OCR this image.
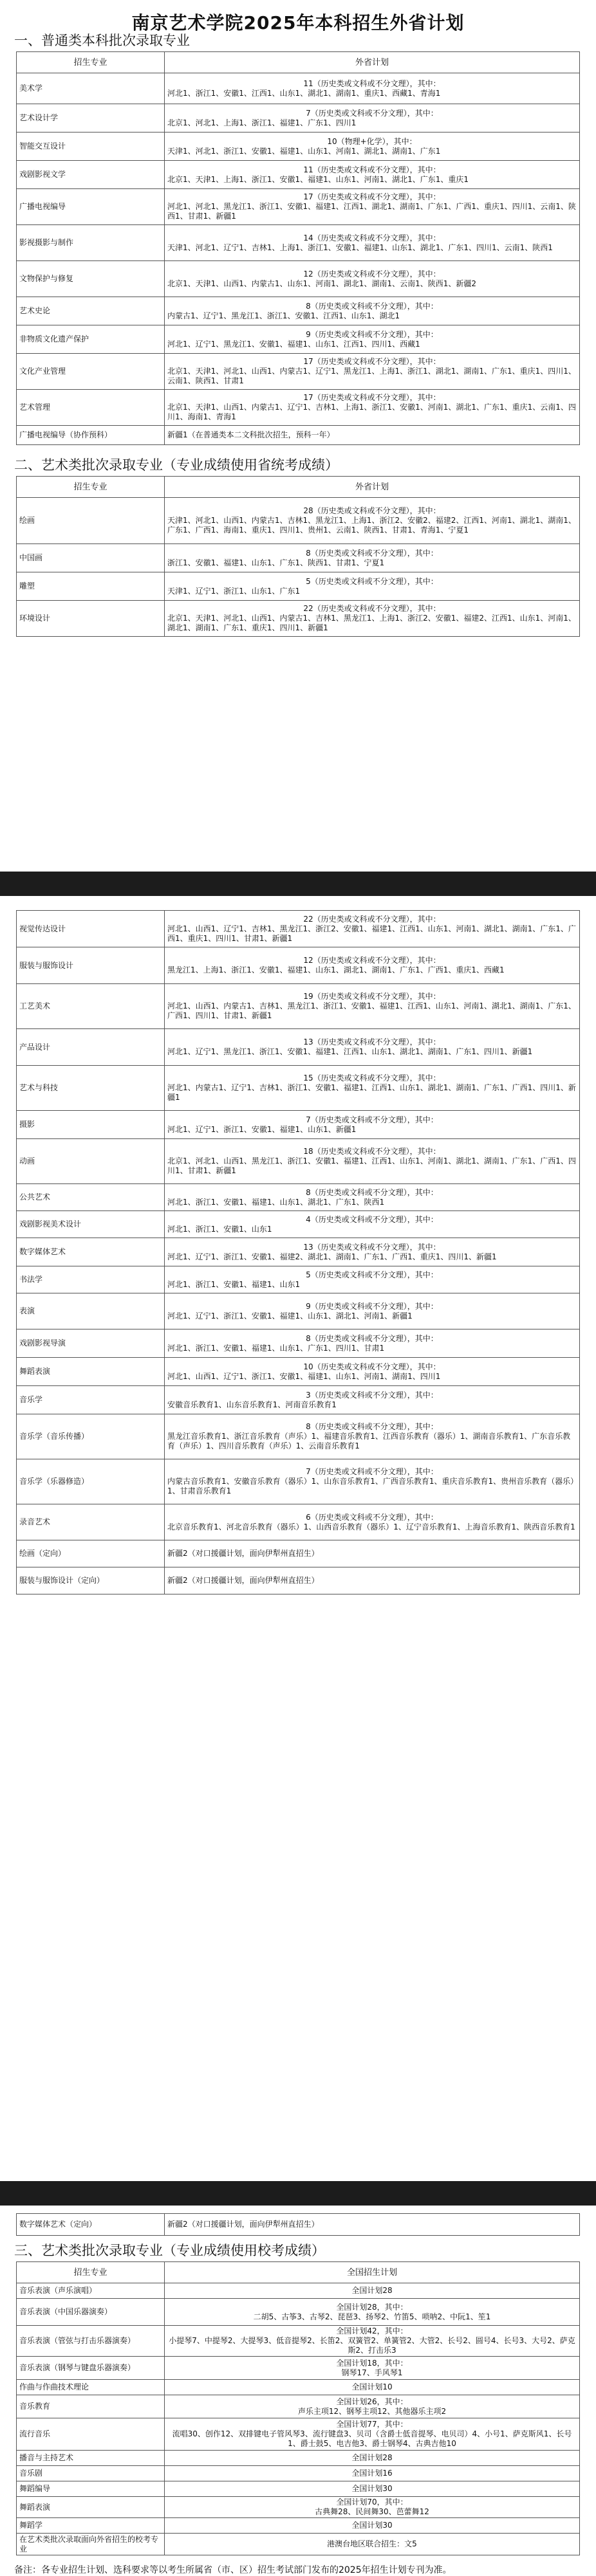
南京艺术学院2025年本科招生外省计划
一、普通类本科批次录取专业
招生专业	外省计划
美术学	11（历史类或文科或不分文理），其中：
河北1、浙江1、安徽1、江西1、山东1、湖北1、湖南1、重庆1、西藏1、青海1

艺术设计学	7（历史类或文科或不分文理），其中：
北京1、河北1、上海1、浙江1、福建1、广东1、四川1

智能交互设计	10（物理+化学），其中：
天津1、河北1、浙江1、安徽1、福建1、山东1、河南1、湖北1、湖南1、广东1

戏剧影视文学	11（历史类或文科或不分文理），其中：
北京1、天津1、上海1、浙江1、安徽1、福建1、山东1、河南1、湖北1、广东1、重庆1

广播电视编导	17（历史类或文科或不分文理），其中：
河北1、河北1、黑龙江1、浙江1、安徽1、福建1、江西1、湖北1、湖南1、广东1、广西1、重庆1、四川1、云南1、陕西1、甘肃1、新疆1

影视摄影与制作	14（历史类或文科或不分文理），其中：
天津1、河北1、辽宁1、吉林1、上海1、浙江1、安徽1、福建1、山东1、湖北1、广东1、四川1、云南1、陕西1

文物保护与修复	12（历史类或文科或不分文理），其中：
北京1、天津1、山西1、内蒙古1、山东1、河南1、湖北1、湖南1、云南1、陕西1、新疆2

艺术史论	8（历史类或文科或不分文理），其中：
内蒙古1、辽宁1、黑龙江1、浙江1、安徽1、江西1、山东1、湖北1

非物质文化遗产保护	9（历史类或文科或不分文理），其中：
河北1、辽宁1、黑龙江1、安徽1、福建1、山东1、江西1、四川1、西藏1

文化产业管理	17（历史类或文科或不分文理），其中：
北京1、天津1、河北1、山西1、内蒙古1、辽宁1、黑龙江1、上海1、浙江1、湖北1、湖南1、广东1、重庆1、四川1、云南1、陕西1、甘肃1

艺术管理	17（历史类或文科或不分文理），其中：
北京1、天津1、山西1、内蒙古1、辽宁1、吉林1、上海1、浙江1、安徽1、河南1、湖北1、广东1、重庆1、云南1、四川1、海南1、青海1

广播电视编导（协作预科）	新疆1（在普通类本二文科批次招生，预科一年）
二、艺术类批次录取专业（专业成绩使用省统考成绩）
招生专业	外省计划
绘画	28（历史类或文科或不分文理），其中：
天津1、河北1、山西1、内蒙古1、吉林1、黑龙江1、上海1、浙江2、安徽2、福建2、江西1、河南1、湖北1、湖南1、广东1、广西1、海南1、重庆1、四川1、贵州1、云南1、陕西1、甘肃1、青海1、宁夏1

中国画	8（历史类或文科或不分文理），其中：
浙江1、安徽1、福建1、山东1、广东1、陕西1、甘肃1、宁夏1

雕塑	5（历史类或文科或不分文理），其中：
天津1、辽宁1、浙江1、山东1、广东1

环境设计	22（历史类或文科或不分文理），其中：
北京1、天津1、河北1、山西1、内蒙古1、吉林1、黑龙江1、上海1、浙江2、安徽1、福建2、江西1、山东1、河南1、湖北1、湖南1、广东1、重庆1、四川1、新疆1
视觉传达设计	22（历史类或文科或不分文理），其中：
河北1、山西1、辽宁1、吉林1、黑龙江1、浙江2、安徽1、福建1、江西1、山东1、河南1、湖北1、湖南1、广东1、广西1、重庆1、四川1、甘肃1、新疆1

服装与服饰设计	12（历史类或文科或不分文理），其中：
黑龙江1、上海1、浙江1、安徽1、福建1、山东1、湖北1、湖南1、广东1、广西1、重庆1、西藏1

工艺美术	19（历史类或文科或不分文理），其中：
河北1、山西1、内蒙古1、吉林1、黑龙江1、浙江1、安徽1、福建1、江西1、山东1、河南1、湖北1、湖南1、广东1、广西1、四川1、甘肃1、新疆1

产品设计	13（历史类或文科或不分文理），其中：
河北1、辽宁1、黑龙江1、浙江1、安徽1、福建1、江西1、山东1、湖北1、湖南1、广东1、四川1、新疆1

艺术与科技	15（历史类或文科或不分文理），其中：
河北1、内蒙古1、辽宁1、吉林1、浙江1、安徽1、福建1、江西1、山东1、湖北1、湖南1、广东1、广西1、四川1、新疆1

摄影	7（历史类或文科或不分文理），其中：
河北1、辽宁1、浙江1、安徽1、福建1、山东1、新疆1

动画	18（历史类或文科或不分文理），其中：
北京1、河北1、山西1、黑龙江1、浙江1、安徽1、福建1、江西1、山东1、河南1、湖北1、湖南1、广东1、广西1、四川1、甘肃1、新疆1

公共艺术	8（历史类或文科或不分文理），其中：
河北1、浙江1、安徽1、福建1、山东1、湖北1、广东1、陕西1

戏剧影视美术设计	4（历史类或文科或不分文理），其中：
河北1、浙江1、安徽1、山东1

数字媒体艺术	13（历史类或文科或不分文理），其中：
河北1、辽宁1、浙江1、安徽1、福建2、湖北1、湖南1、广东1、广西1、重庆1、四川1、新疆1

书法学	5（历史类或文科或不分文理），其中：
河北1、浙江1、安徽1、福建1、山东1

表演	9（历史类或文科或不分文理），其中：
河北1、辽宁1、浙江1、安徽1、福建1、山东1、湖北1、河南1、新疆1

戏剧影视导演	8（历史类或文科或不分文理），其中：
河北1、浙江1、安徽1、福建1、山东1、广东1、四川1、甘肃1

舞蹈表演	10（历史类或文科或不分文理），其中：
河北1、山西1、辽宁1、浙江1、安徽1、福建1、山东1、河南1、湖南1、四川1

音乐学	3（历史类或文科或不分文理），其中：
安徽音乐教育1、山东音乐教育1、河南音乐教育1

音乐学（音乐传播）	8（历史类或文科或不分文理），其中：
黑龙江音乐教育1、浙江音乐教育（声乐）1、福建音乐教育1、江西音乐教育（器乐）1、湖南音乐教育1、广东音乐教育（声乐）1、四川音乐教育（声乐）1、云南音乐教育1

音乐学（乐器修造）	7（历史类或文科或不分文理），其中：
内蒙古音乐教育1、安徽音乐教育（器乐）1、山东音乐教育1、广西音乐教育1、重庆音乐教育1、贵州音乐教育（器乐）1、甘肃音乐教育1

录音艺术	6（历史类或文科或不分文理），其中：
北京音乐教育1、河北音乐教育（器乐）1、山西音乐教育（器乐）1、辽宁音乐教育1、上海音乐教育1、陕西音乐教育1

绘画（定向）	新疆2（对口援疆计划，面向伊犁州直招生）

服装与服饰设计（定向）	新疆2（对口援疆计划，面向伊犁州直招生）
数字媒体艺术（定向）	新疆2（对口援疆计划，面向伊犁州直招生）
三、艺术类批次录取专业（专业成绩使用校考成绩）
招生专业	全国招生计划
音乐表演（声乐演唱）	全国计划28

音乐表演（中国乐器演奏）	全国计划28，其中：
二胡5、古筝3、古琴2、琵琶3、扬琴2、竹笛5、唢呐2、中阮1、笙1

音乐表演（管弦与打击乐器演奏）	全国计划42，其中：
小提琴7、中提琴2、大提琴3、低音提琴2、长笛2、双簧管2、单簧管2、大管2、长号2、圆号4、长号3、大号2、萨克斯2、打击乐3

音乐表演（钢琴与键盘乐器演奏）	全国计划18，其中：
钢琴17、手风琴1

作曲与作曲技术理论	全国计划10

音乐教育	全国计划26，其中：
声乐主项12、钢琴主项12、其他器乐主项2

流行音乐	全国计划77，其中：
流唱30、创作12、双排键电子管风琴3、流行键盘3、贝司（含爵士低音提琴、电贝司）4、小号1、萨克斯风1、长号1、爵士鼓5、电吉他3、爵士钢琴4、古典吉他10

播音与主持艺术	全国计划28

音乐剧	全国计划16

舞蹈编导	全国计划30

舞蹈表演	全国计划70，其中：
古典舞28、民间舞30、芭蕾舞12

舞蹈学	全国计划30

在艺术类批次录取面向外省招生的校考专业	港澳台地区联合招生：文5
备注：各专业招生计划、选科要求等以考生所属省（市、区）招生考试部门发布的2025年招生计划专刊为准。
